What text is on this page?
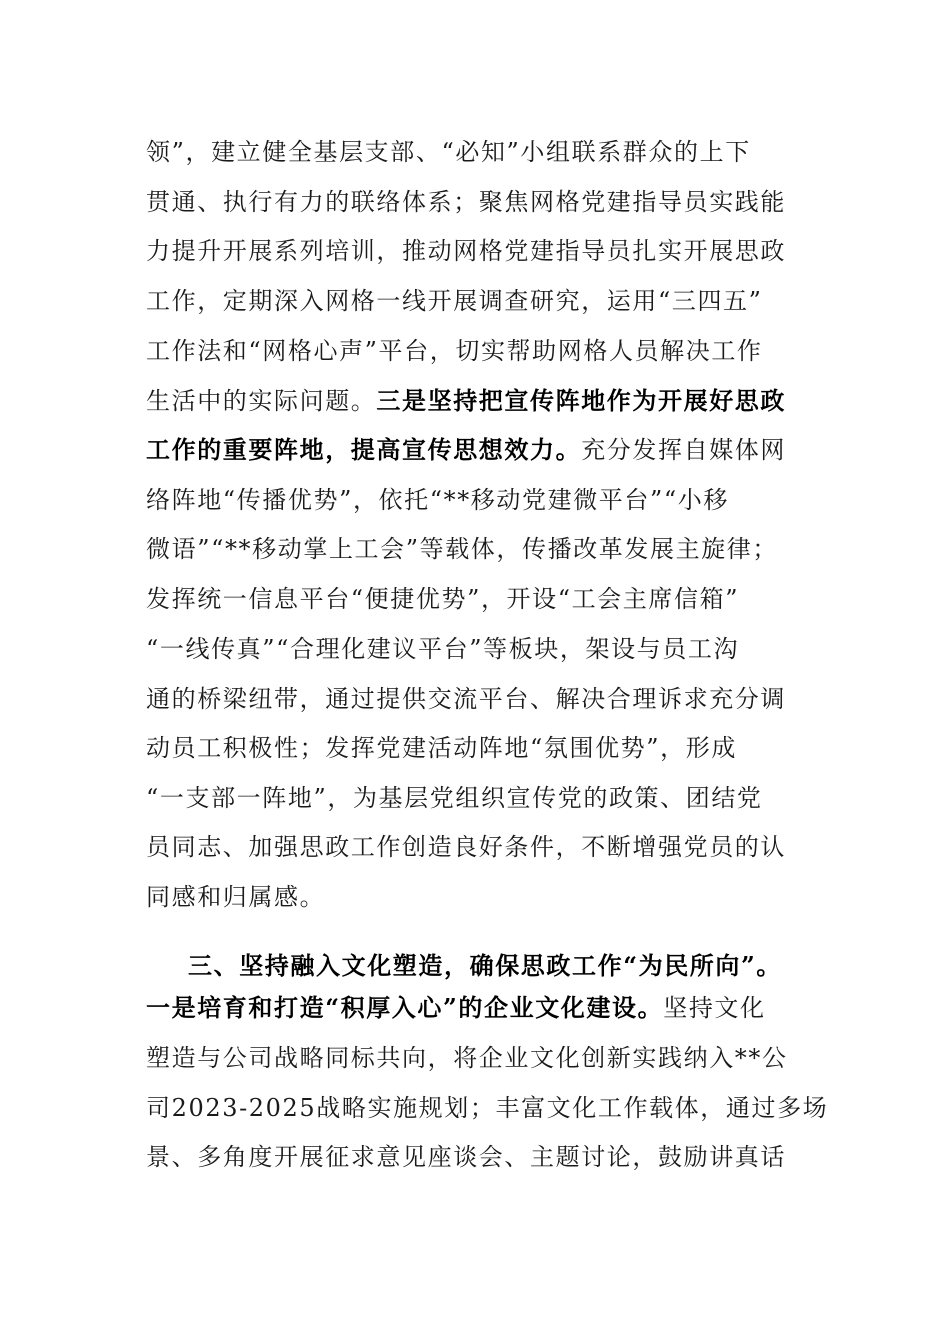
领”，建立健全基层支部、“必知”小组联系群众的上下
贯通、执行有力的联络体系；聚焦网格党建指导员实践能
力提升开展系列培训，推动网格党建指导员扎实开展思政
工作，定期深入网格一线开展调查研究，运用“三四五”
工作法和“网格心声”平台，切实帮助网格人员解决工作
生活中的实际问题。三是坚持把宣传阵地作为开展好思政
工作的重要阵地，提高宣传思想效力。充分发挥自媒体网
络阵地“传播优势”，依托“**移动党建微平台”“小移
微语”“**移动掌上工会”等载体，传播改革发展主旋律；
发挥统一信息平台“便捷优势”，开设“工会主席信箱”
“一线传真”“合理化建议平台”等板块，架设与员工沟
通的桥梁纽带，通过提供交流平台、解决合理诉求充分调
动员工积极性；发挥党建活动阵地“氛围优势”，形成
“一支部一阵地”，为基层党组织宣传党的政策、团结党
员同志、加强思政工作创造良好条件，不断增强党员的认
同感和归属感。
三、坚持融入文化塑造，确保思政工作“为民所向”。
一是培育和打造“积厚入心”的企业文化建设。坚持文化
塑造与公司战略同标共向，将企业文化创新实践纳入**公
司2023-2025战略实施规划；丰富文化工作载体，通过多场
景、多角度开展征求意见座谈会、主题讨论，鼓励讲真话
